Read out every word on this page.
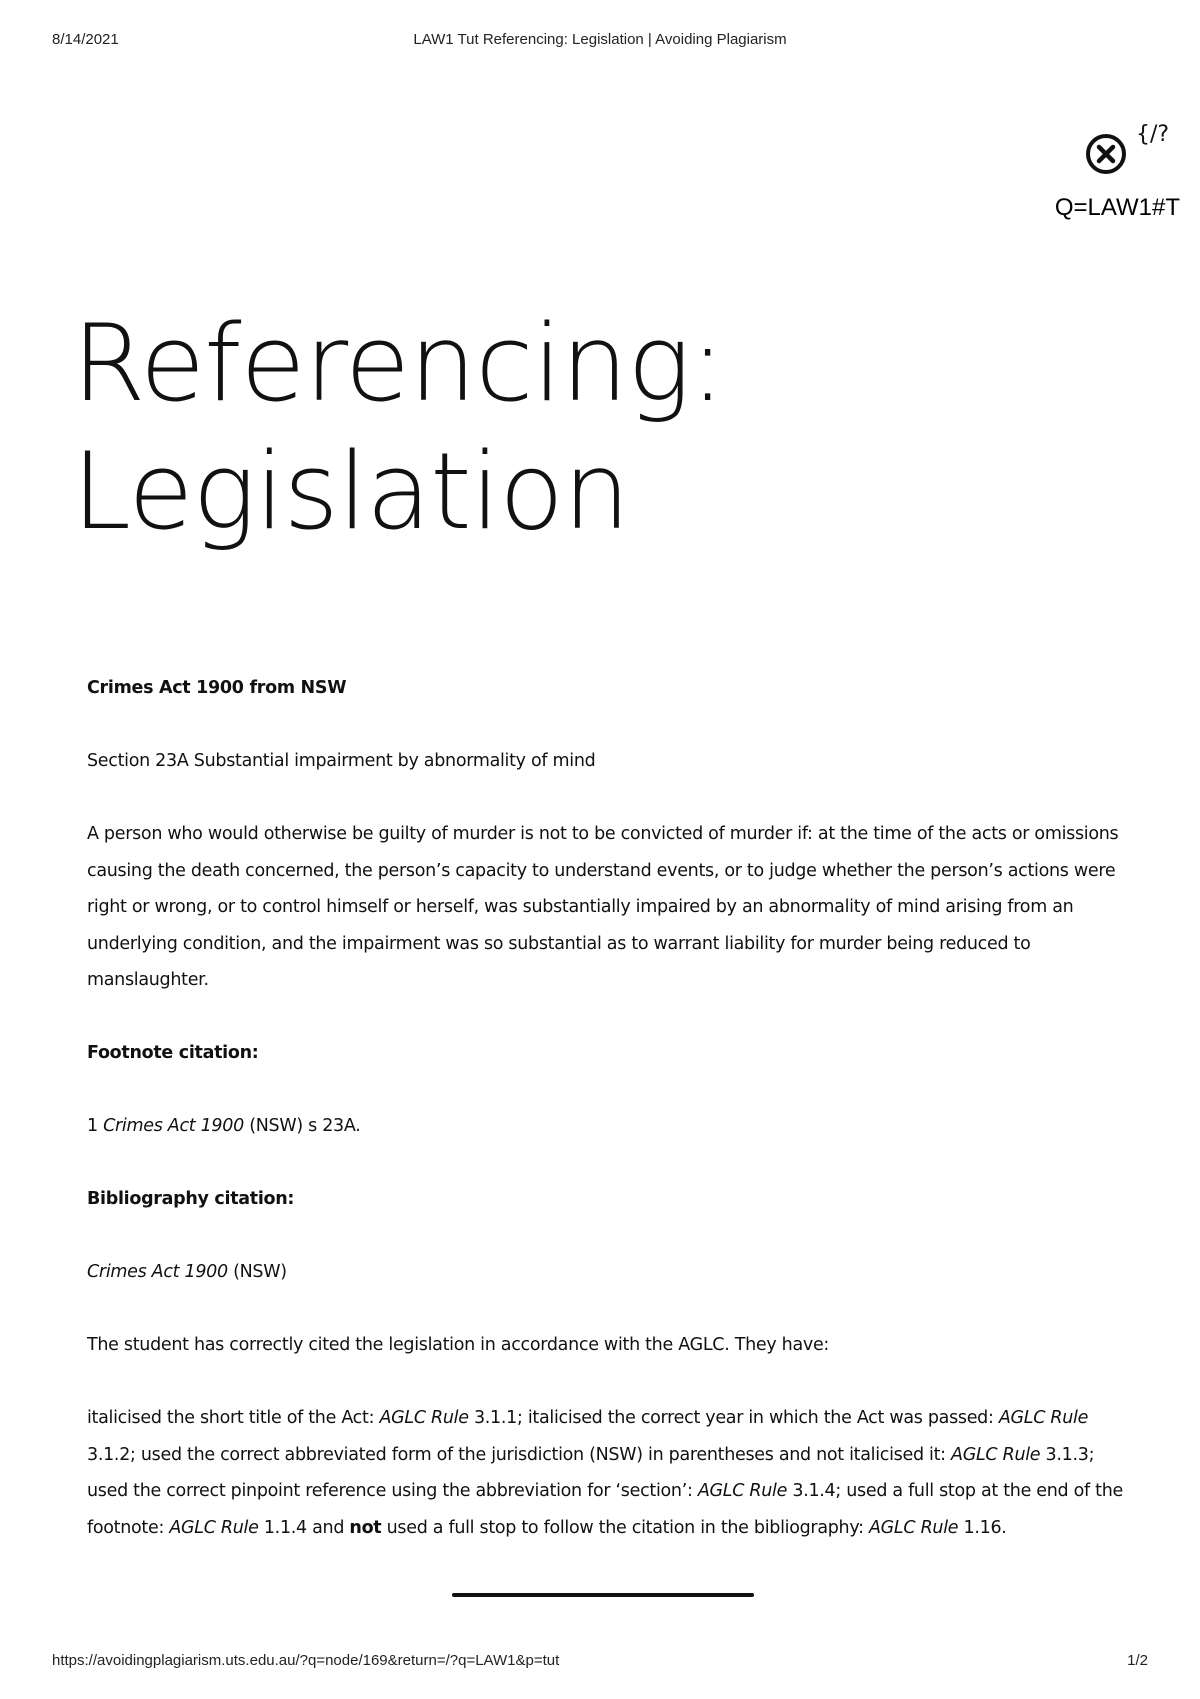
8/14/2021	LAW1 Tut Referencing: Legislation | Avoiding Plagiarism
{/?
Q=LAW1#T
Referencing:
Legislation

Crimes Act 1900 from NSW

Section 23A Substantial impairment by abnormality of mind

A person who would otherwise be guilty of murder is not to be convicted of murder if: at the time of the acts or omissions causing the death concerned, the person’s capacity to understand events, or to judge whether the person’s actions were right or wrong, or to control himself or herself, was substantially impaired by an abnormality of mind arising from an underlying condition, and the impairment was so substantial as to warrant liability for murder being reduced to manslaughter.

Footnote citation:

1 Crimes Act 1900 (NSW) s 23A.

Bibliography citation:

Crimes Act 1900 (NSW)

The student has correctly cited the legislation in accordance with the AGLC. They have:

italicised the short title of the Act: AGLC Rule 3.1.1; italicised the correct year in which the Act was passed: AGLC Rule 3.1.2; used the correct abbreviated form of the jurisdiction (NSW) in parentheses and not italicised it: AGLC Rule 3.1.3; used the correct pinpoint reference using the abbreviation for ‘section’: AGLC Rule 3.1.4; used a full stop at the end of the footnote: AGLC Rule 1.1.4 and not used a full stop to follow the citation in the bibliography: AGLC Rule 1.16.

https://avoidingplagiarism.uts.edu.au/?q=node/169&return=/?q=LAW1&p=tut	1/2
